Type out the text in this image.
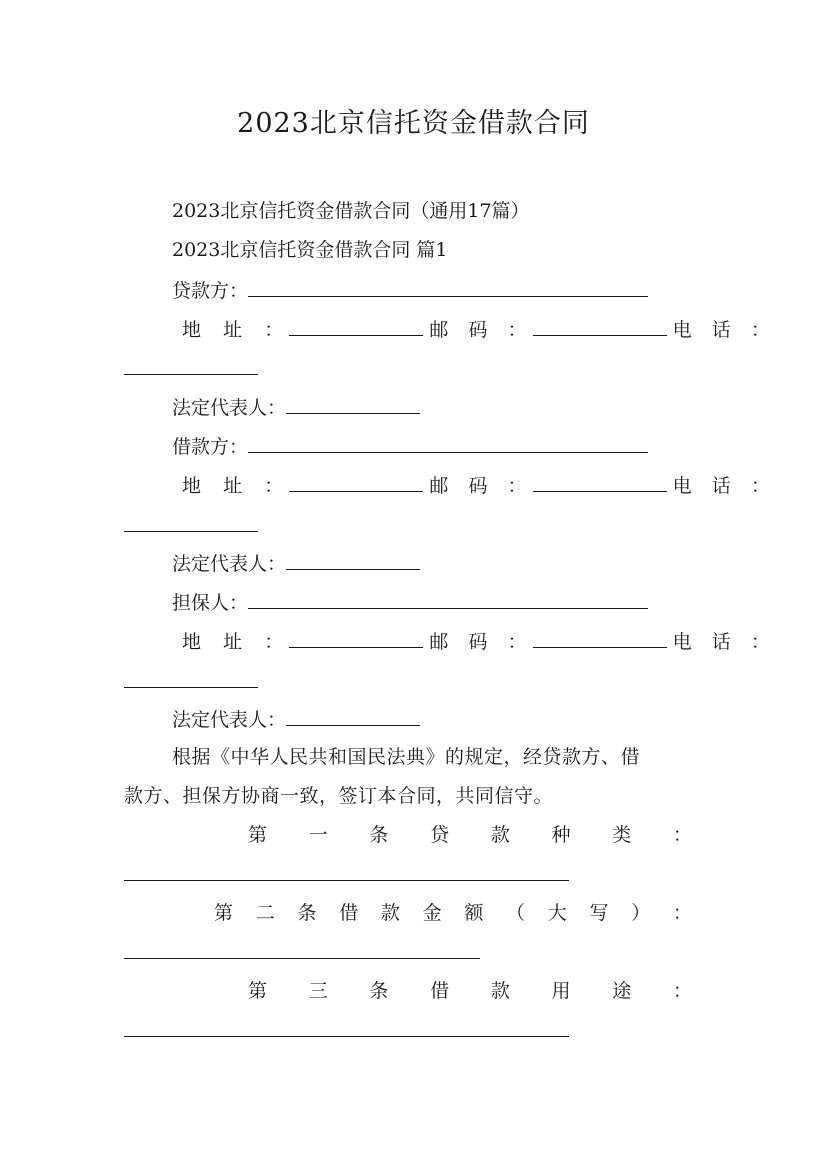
2023北京信托资金借款合同
2023北京信托资金借款合同（通用17篇）
2023北京信托资金借款合同 篇1
贷款方：
地 址 ：	邮 码 ：	电 话 ：
法定代表人：
借款方：
地 址 ：	邮 码 ：	电 话 ：
法定代表人：
担保人：
地 址 ：	邮 码 ：	电 话 ：
法定代表人：
根据《中华人民共和国民法典》的规定，经贷款方、借
款方、担保方协商一致，签订本合同，共同信守。
第 一 条 贷 款 种 类 ：
第 二 条 借 款 金 额 （ 大 写 ） ：
第 三 条 借 款 用 途 ：
